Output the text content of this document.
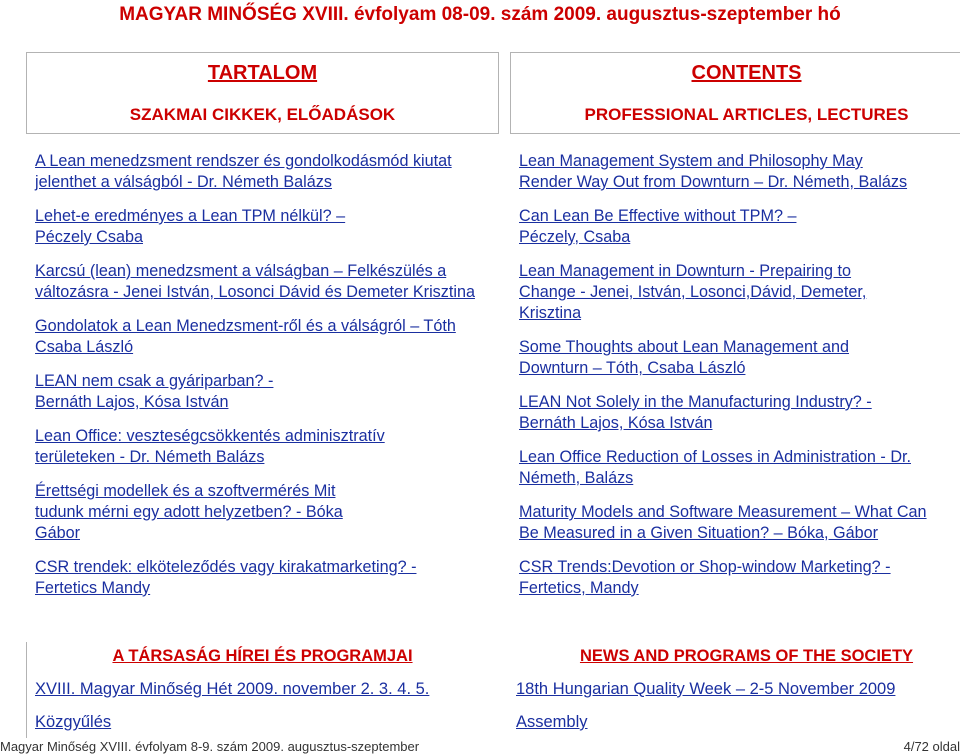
MAGYAR MINŐSÉG XVIII. évfolyam 08-09. szám 2009. augusztus-szeptember hó
TARTALOM
SZAKMAI CIKKEK, ELŐADÁSOK
A Lean menedzsment rendszer és gondolkodásmód kiutat jelenthet a válságból - Dr. Németh Balázs
Lehet-e eredményes a Lean TPM nélkül? – Péczely Csaba
Karcsú (lean) menedzsment a válságban – Felkészülés a változásra - Jenei István, Losonci Dávid és Demeter Krisztina
Gondolatok a Lean Menedzsment-ről és a válságról – Tóth Csaba László
LEAN nem csak a gyáriparban? - Bernáth Lajos, Kósa István
Lean Office: veszteségcsökkentés adminisztratív területeken - Dr. Németh Balázs
Érettségi modellek és a szoftvermérés Mit tudunk mérni egy adott helyzetben? - Bóka Gábor
CSR trendek: elköteleződés vagy kirakatmarketing? - Fertetics Mandy
CONTENTS
PROFESSIONAL ARTICLES, LECTURES
Lean Management System and Philosophy May Render Way Out from Downturn – Dr. Németh, Balázs
Can Lean Be Effective without TPM? – Péczely, Csaba
Lean Management in Downturn - Prepairing to Change - Jenei, István, Losonci,Dávid, Demeter, Krisztina
Some Thoughts about Lean Management and Downturn – Tóth, Csaba László
LEAN Not Solely in the Manufacturing Industry? - Bernáth Lajos, Kósa István
Lean Office Reduction of Losses in Administration - Dr. Németh, Balázs
Maturity Models and Software Measurement – What Can Be Measured in a Given Situation? – Bóka, Gábor
CSR Trends:Devotion or Shop-window Marketing? - Fertetics, Mandy
A TÁRSASÁG HÍREI ÉS PROGRAMJAI	NEWS AND PROGRAMS OF THE SOCIETY
XVIII. Magyar Minőség Hét 2009. november 2. 3. 4. 5.
Közgyűlés
18th Hungarian Quality Week – 2-5 November 2009
Assembly
Magyar Minőség XVIII. évfolyam 8-9. szám 2009. augusztus-szeptember	4/72 oldal
